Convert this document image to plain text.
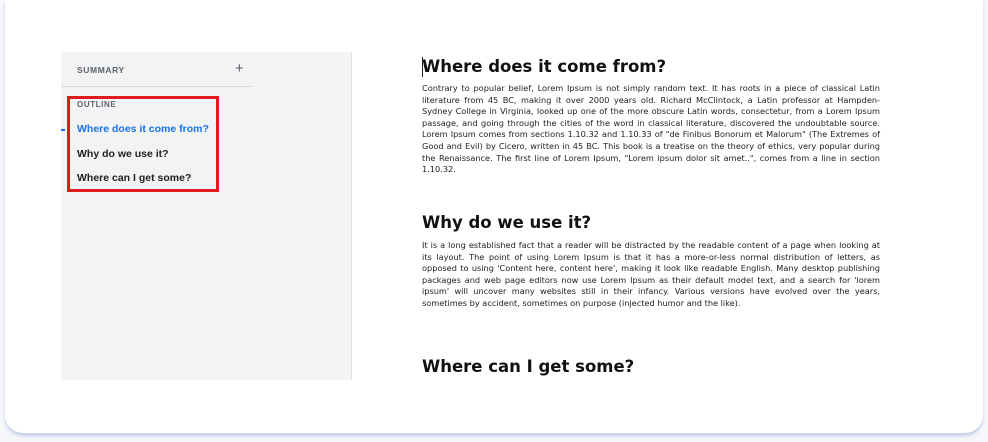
SUMMARY	+
OUTLINE
Where does it come from?
Why do we use it?
Where can I get some?
Where does it come from?

Contrary to popular belief, Lorem Ipsum is not simply random text. It has roots in a piece of classical Latin literature from 45 BC, making it over 2000 years old. Richard McClintock, a Latin professor at Hampden-Sydney College in Virginia, looked up one of the more obscure Latin words, consectetur, from a Lorem Ipsum passage, and going through the cities of the word in classical literature, discovered the undoubtable source. Lorem Ipsum comes from sections 1.10.32 and 1.10.33 of "de Finibus Bonorum et Malorum" (The Extremes of Good and Evil) by Cicero, written in 45 BC. This book is a treatise on the theory of ethics, very popular during the Renaissance. The first line of Lorem Ipsum, "Lorem ipsum dolor sit amet..", comes from a line in section 1.10.32.

Why do we use it?

It is a long established fact that a reader will be distracted by the readable content of a page when looking at its layout. The point of using Lorem Ipsum is that it has a more-or-less normal distribution of letters, as opposed to using 'Content here, content here', making it look like readable English. Many desktop publishing packages and web page editors now use Lorem Ipsum as their default model text, and a search for 'lorem ipsum' will uncover many websites still in their infancy. Various versions have evolved over the years, sometimes by accident, sometimes on purpose (injected humor and the like).

Where can I get some?
